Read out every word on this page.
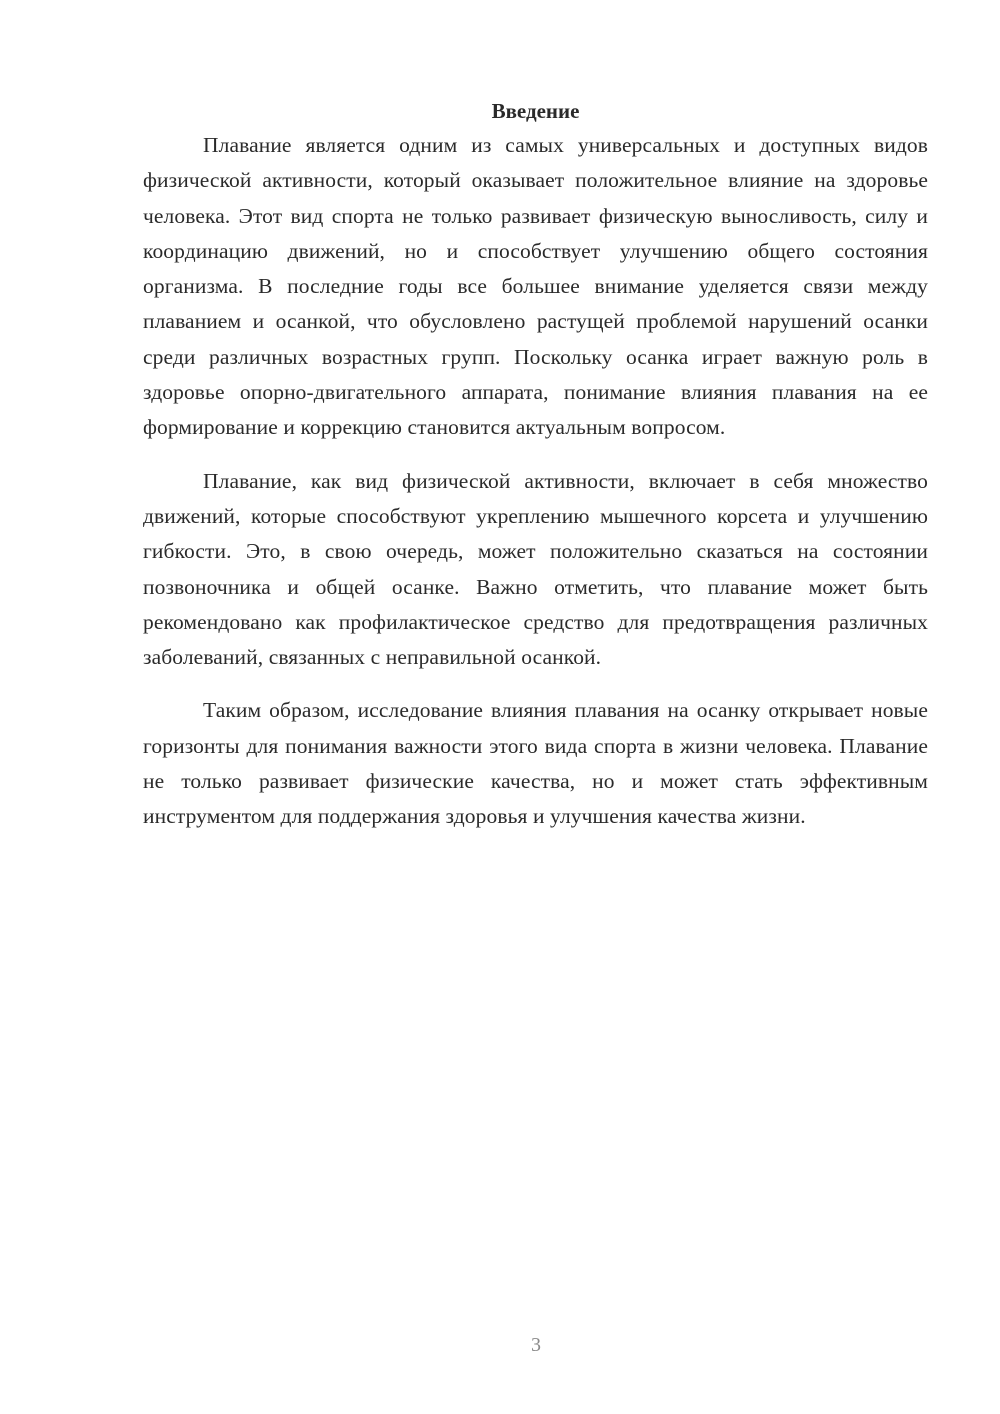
Введение

Плавание является одним из самых универсальных и доступных видов физической активности, который оказывает положительное влияние на здоровье человека. Этот вид спорта не только развивает физическую выносливость, силу и координацию движений, но и способствует улучшению общего состояния организма. В последние годы все большее внимание уделяется связи между плаванием и осанкой, что обусловлено растущей проблемой нарушений осанки среди различных возрастных групп. Поскольку осанка играет важную роль в здоровье опорно-двигательного аппарата, понимание влияния плавания на ее формирование и коррекцию становится актуальным вопросом.

Плавание, как вид физической активности, включает в себя множество движений, которые способствуют укреплению мышечного корсета и улучшению гибкости. Это, в свою очередь, может положительно сказаться на состоянии позвоночника и общей осанке. Важно отметить, что плавание может быть рекомендовано как профилактическое средство для предотвращения различных заболеваний, связанных с неправильной осанкой.

Таким образом, исследование влияния плавания на осанку открывает новые горизонты для понимания важности этого вида спорта в жизни человека. Плавание не только развивает физические качества, но и может стать эффективным инструментом для поддержания здоровья и улучшения качества жизни.

3
